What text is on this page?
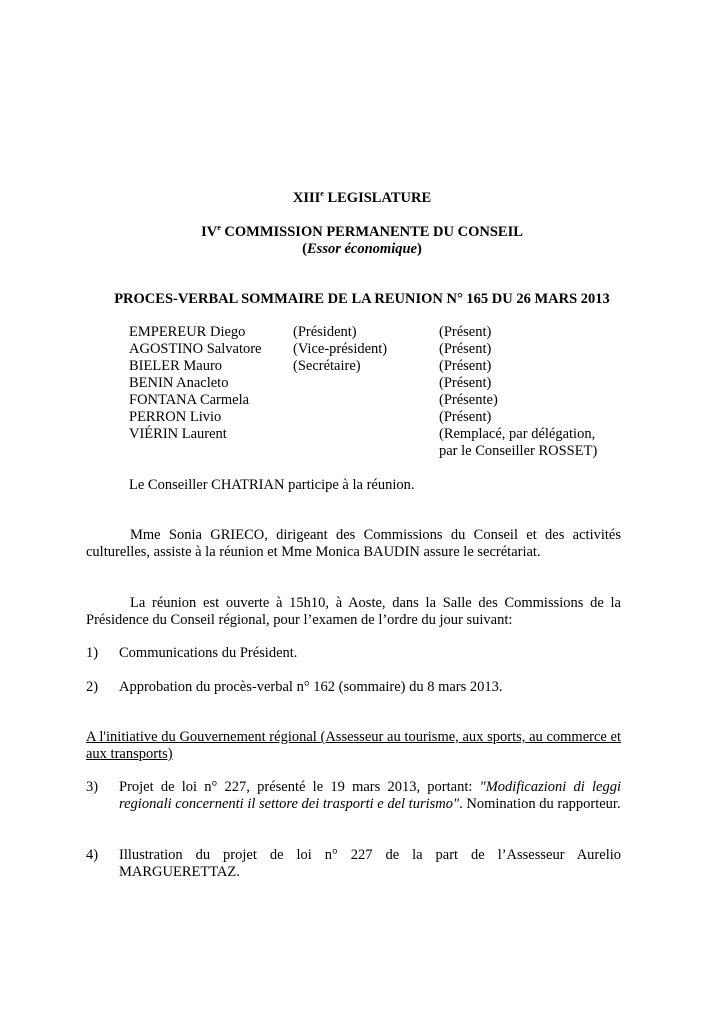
XIIIe LEGISLATURE
IVe COMMISSION PERMANENTE DU CONSEIL
(Essor économique)
PROCES-VERBAL SOMMAIRE DE LA REUNION N° 165 DU 26 MARS 2013
EMPEREUR Diego	(Président)	(Présent)
AGOSTINO Salvatore	(Vice-président)	(Présent)
BIELER Mauro	(Secrétaire)	(Présent)
BENIN Anacleto		(Présent)
FONTANA Carmela		(Présente)
PERRON Livio		(Présent)
VIÉRIN Laurent		(Remplacé, par délégation,
par le Conseiller ROSSET)
Le Conseiller CHATRIAN participe à la réunion.
Mme Sonia GRIECO, dirigeant des Commissions du Conseil et des activités culturelles, assiste à la réunion et Mme Monica BAUDIN assure le secrétariat.
La réunion est ouverte à 15h10, à Aoste, dans la Salle des Commissions de la Présidence du Conseil régional, pour l’examen de l’ordre du jour suivant:
1)	Communications du Président.
2)	Approbation du procès-verbal n° 162 (sommaire) du 8 mars 2013.
A l'initiative du Gouvernement régional (Assesseur au tourisme, aux sports, au commerce et aux transports)
3)	Projet de loi n° 227, présenté le 19 mars 2013, portant: "Modificazioni di leggi regionali concernenti il settore dei trasporti e del turismo". Nomination du rapporteur.
4)	Illustration du projet de loi n° 227 de la part de l’Assesseur Aurelio MARGUERETTAZ.
